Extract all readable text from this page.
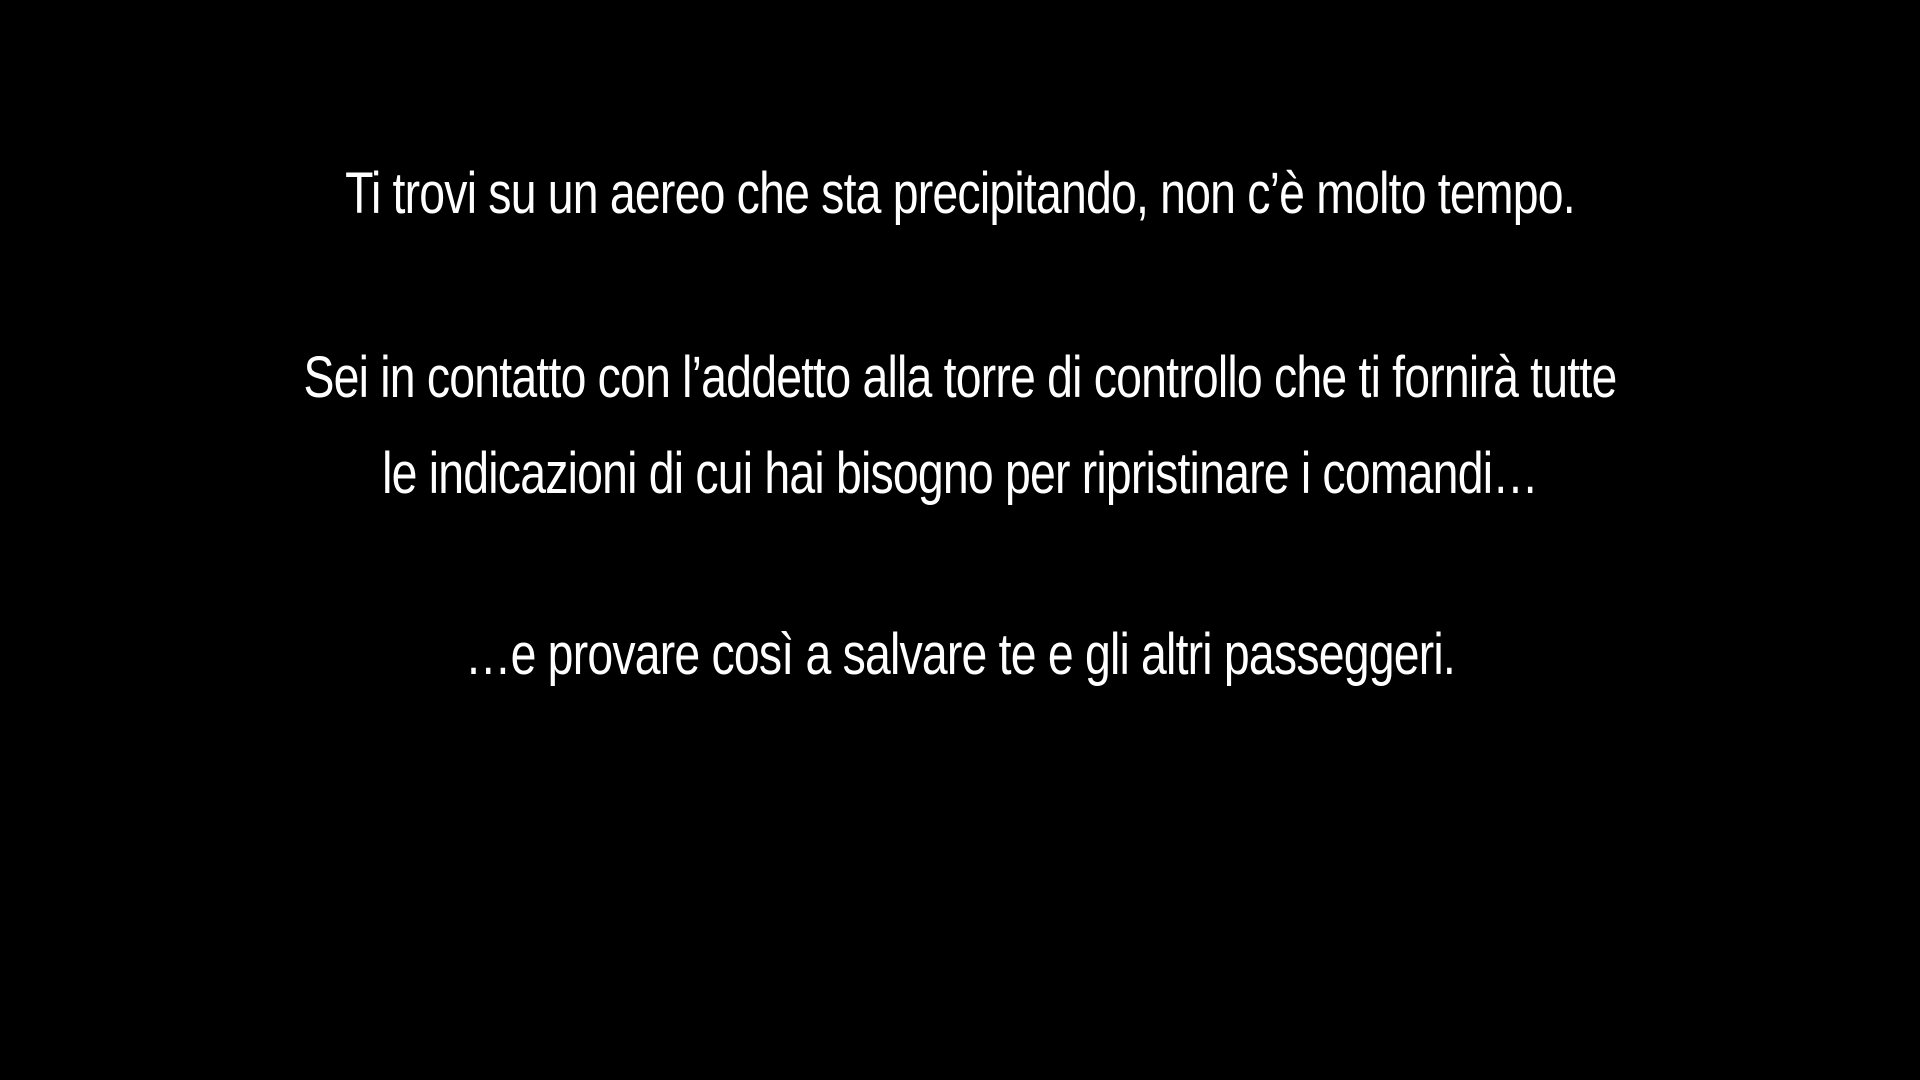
Ti trovi su un aereo che sta precipitando, non c’è molto tempo.
Sei in contatto con l’addetto alla torre di controllo che ti fornirà tutte le indicazioni di cui hai bisogno per ripristinare i comandi…
…e provare così a salvare te e gli altri passeggeri.
